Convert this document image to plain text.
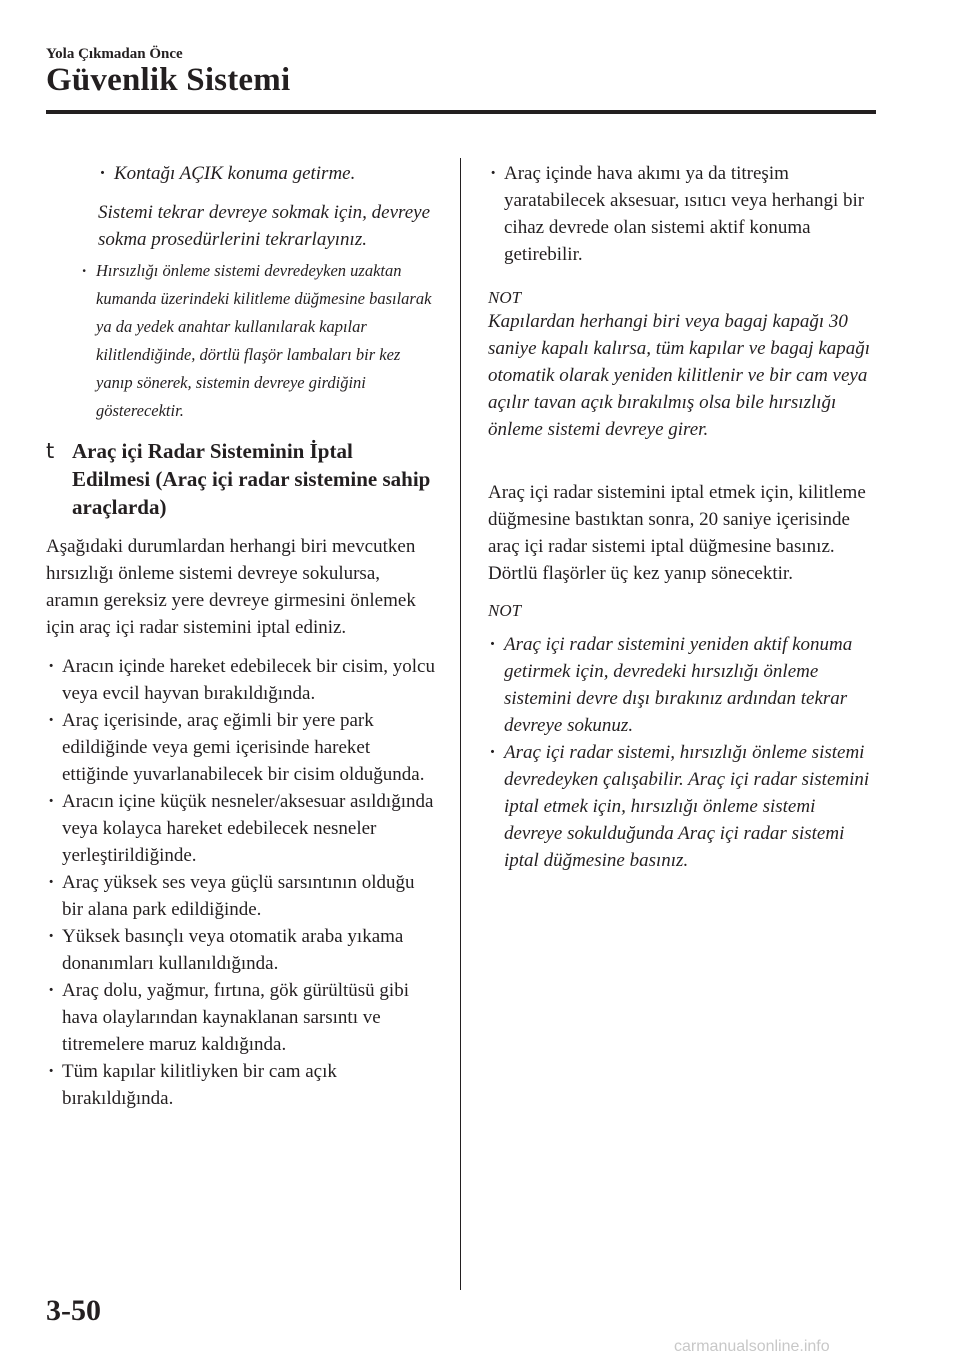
Yola Çıkmadan Önce
Güvenlik Sistemi
· Kontağı AÇIK konuma getirme.
Sistemi tekrar devreye sokmak için, devreye sokma prosedürlerini tekrarlayınız.
· Hırsızlığı önleme sistemi devredeyken uzaktan kumanda üzerindeki kilitleme düğmesine basılarak ya da yedek anahtar kullanılarak kapılar kilitlendiğinde, dörtlü flaşör lambaları bir kez yanıp sönerek, sistemin devreye girdiğini gösterecektir.
t Araç içi Radar Sisteminin İptal Edilmesi (Araç içi radar sistemine sahip araçlarda)
Aşağıdaki durumlardan herhangi biri mevcutken hırsızlığı önleme sistemi devreye sokulursa, aramın gereksiz yere devreye girmesini önlemek için araç içi radar sistemini iptal ediniz.
· Aracın içinde hareket edebilecek bir cisim, yolcu veya evcil hayvan bırakıldığında.
· Araç içerisinde, araç eğimli bir yere park edildiğinde veya gemi içerisinde hareket ettiğinde yuvarlanabilecek bir cisim olduğunda.
· Aracın içine küçük nesneler/aksesuar asıldığında veya kolayca hareket edebilecek nesneler yerleştirildiğinde.
· Araç yüksek ses veya güçlü sarsıntının olduğu bir alana park edildiğinde.
· Yüksek basınçlı veya otomatik araba yıkama donanımları kullanıldığında.
· Araç dolu, yağmur, fırtına, gök gürültüsü gibi hava olaylarından kaynaklanan sarsıntı ve titremelere maruz kaldığında.
· Tüm kapılar kilitliyken bir cam açık bırakıldığında.
· Araç içinde hava akımı ya da titreşim yaratabilecek aksesuar, ısıtıcı veya herhangi bir cihaz devrede olan sistemi aktif konuma getirebilir.
NOT
Kapılardan herhangi biri veya bagaj kapağı 30 saniye kapalı kalırsa, tüm kapılar ve bagaj kapağı otomatik olarak yeniden kilitlenir ve bir cam veya açılır tavan açık bırakılmış olsa bile hırsızlığı önleme sistemi devreye girer.
Araç içi radar sistemini iptal etmek için, kilitleme düğmesine bastıktan sonra, 20 saniye içerisinde araç içi radar sistemi iptal düğmesine basınız.
Dörtlü flaşörler üç kez yanıp sönecektir.
NOT
· Araç içi radar sistemini yeniden aktif konuma getirmek için, devredeki hırsızlığı önleme sistemini devre dışı bırakınız ardından tekrar devreye sokunuz.
· Araç içi radar sistemi, hırsızlığı önleme sistemi devredeyken çalışabilir. Araç içi radar sistemini iptal etmek için, hırsızlığı önleme sistemi devreye sokulduğunda Araç içi radar sistemi iptal düğmesine basınız.
3-50
carmanualsonline.info
